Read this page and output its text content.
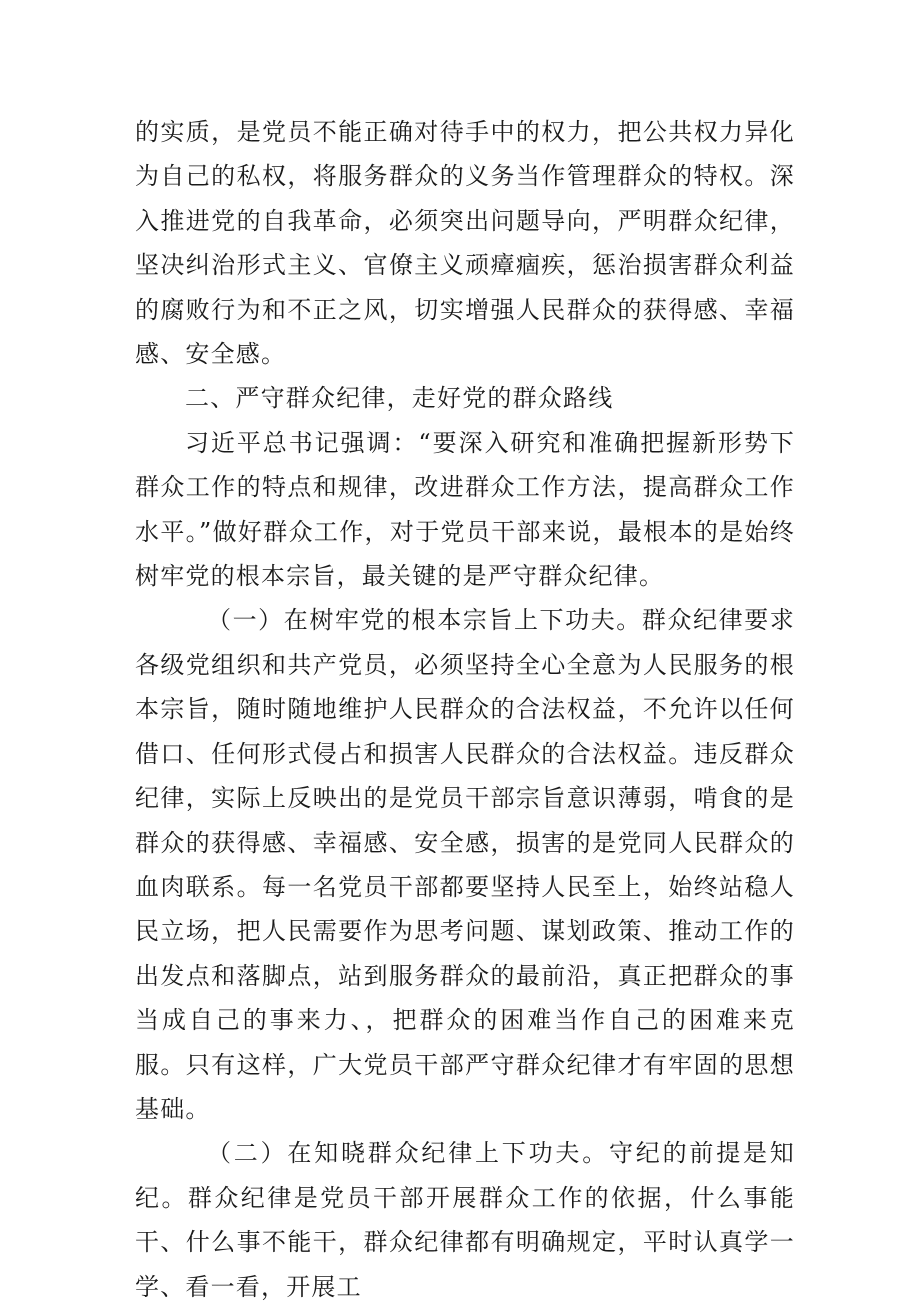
的实质，是党员不能正确对待手中的权力，把公共权力异化为自己的私权，将服务群众的义务当作管理群众的特权。深入推进党的自我革命，必须突出问题导向，严明群众纪律，坚决纠治形式主义、官僚主义顽瘴痼疾，惩治损害群众利益的腐败行为和不正之风，切实增强人民群众的获得感、幸福感、安全感。

二、严守群众纪律，走好党的群众路线

习近平总书记强调：“要深入研究和准确把握新形势下群众工作的特点和规律，改进群众工作方法，提高群众工作水平。”做好群众工作，对于党员干部来说，最根本的是始终树牢党的根本宗旨，最关键的是严守群众纪律。

（一）在树牢党的根本宗旨上下功夫。群众纪律要求各级党组织和共产党员，必须坚持全心全意为人民服务的根本宗旨，随时随地维护人民群众的合法权益，不允许以任何借口、任何形式侵占和损害人民群众的合法权益。违反群众纪律，实际上反映出的是党员干部宗旨意识薄弱，啃食的是群众的获得感、幸福感、安全感，损害的是党同人民群众的血肉联系。每一名党员干部都要坚持人民至上，始终站稳人民立场，把人民需要作为思考问题、谋划政策、推动工作的出发点和落脚点，站到服务群众的最前沿，真正把群众的事当成自己的事来力、，把群众的困难当作自己的困难来克服。只有这样，广大党员干部严守群众纪律才有牢固的思想基础。

（二）在知晓群众纪律上下功夫。守纪的前提是知纪。群众纪律是党员干部开展群众工作的依据，什么事能干、什么事不能干，群众纪律都有明确规定，平时认真学一学、看一看，开展工
